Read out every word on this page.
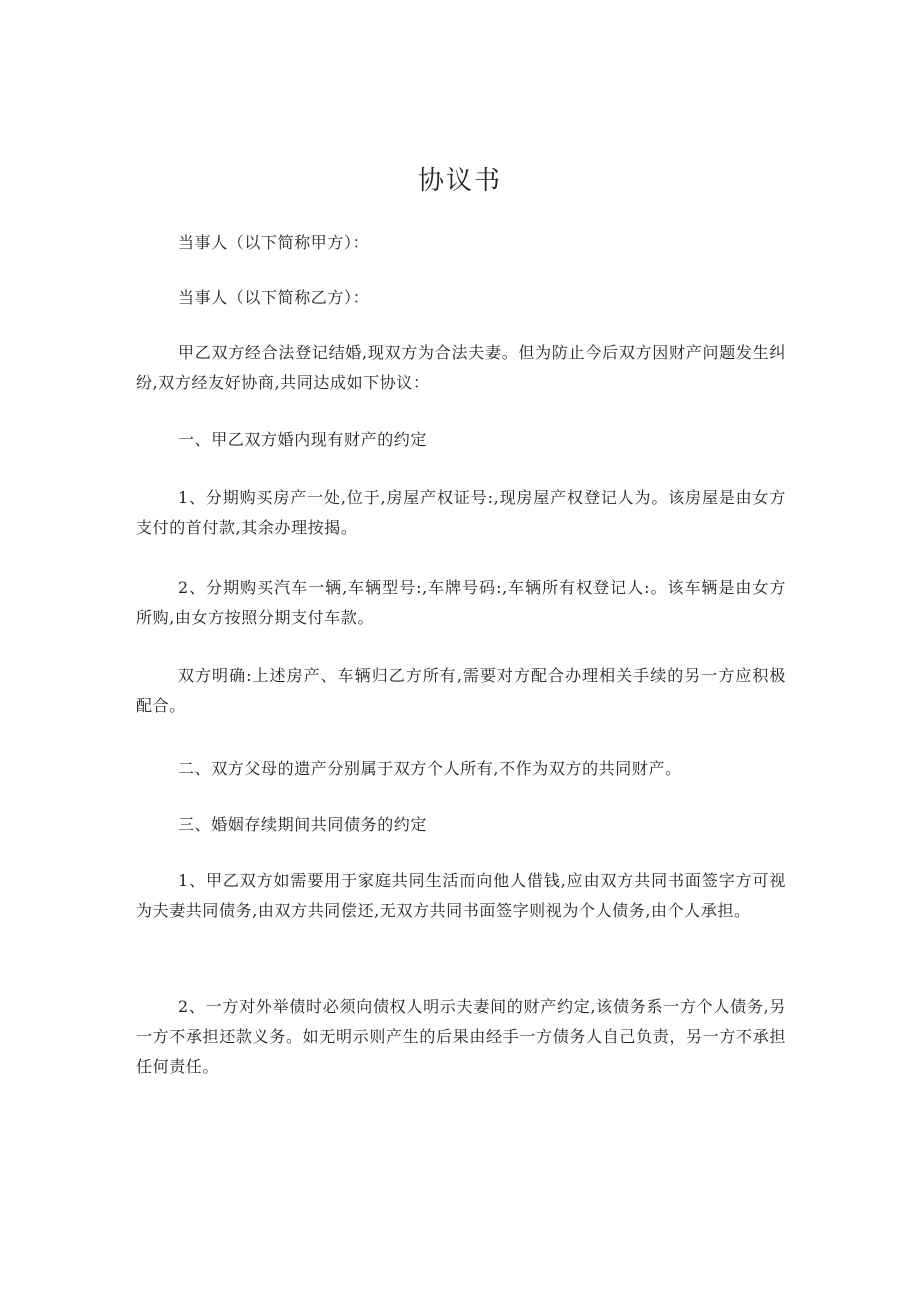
协议书
当事人（以下简称甲方）：
当事人（以下简称乙方）：
甲乙双方经合法登记结婚,现双方为合法夫妻。但为防止今后双方因财产问题发生纠纷,双方经友好协商,共同达成如下协议：
一、甲乙双方婚内现有财产的约定
1、分期购买房产一处,位于,房屋产权证号:,现房屋产权登记人为。该房屋是由女方支付的首付款,其余办理按揭。
2、分期购买汽车一辆,车辆型号:,车牌号码:,车辆所有权登记人:。该车辆是由女方所购,由女方按照分期支付车款。
双方明确:上述房产、车辆归乙方所有,需要对方配合办理相关手续的另一方应积极配合。
二、双方父母的遗产分别属于双方个人所有,不作为双方的共同财产。
三、婚姻存续期间共同债务的约定
1、甲乙双方如需要用于家庭共同生活而向他人借钱,应由双方共同书面签字方可视为夫妻共同债务,由双方共同偿还,无双方共同书面签字则视为个人债务,由个人承担。
2、一方对外举债时必须向债权人明示夫妻间的财产约定,该债务系一方个人债务,另一方不承担还款义务。如无明示则产生的后果由经手一方债务人自己负责，另一方不承担任何责任。
